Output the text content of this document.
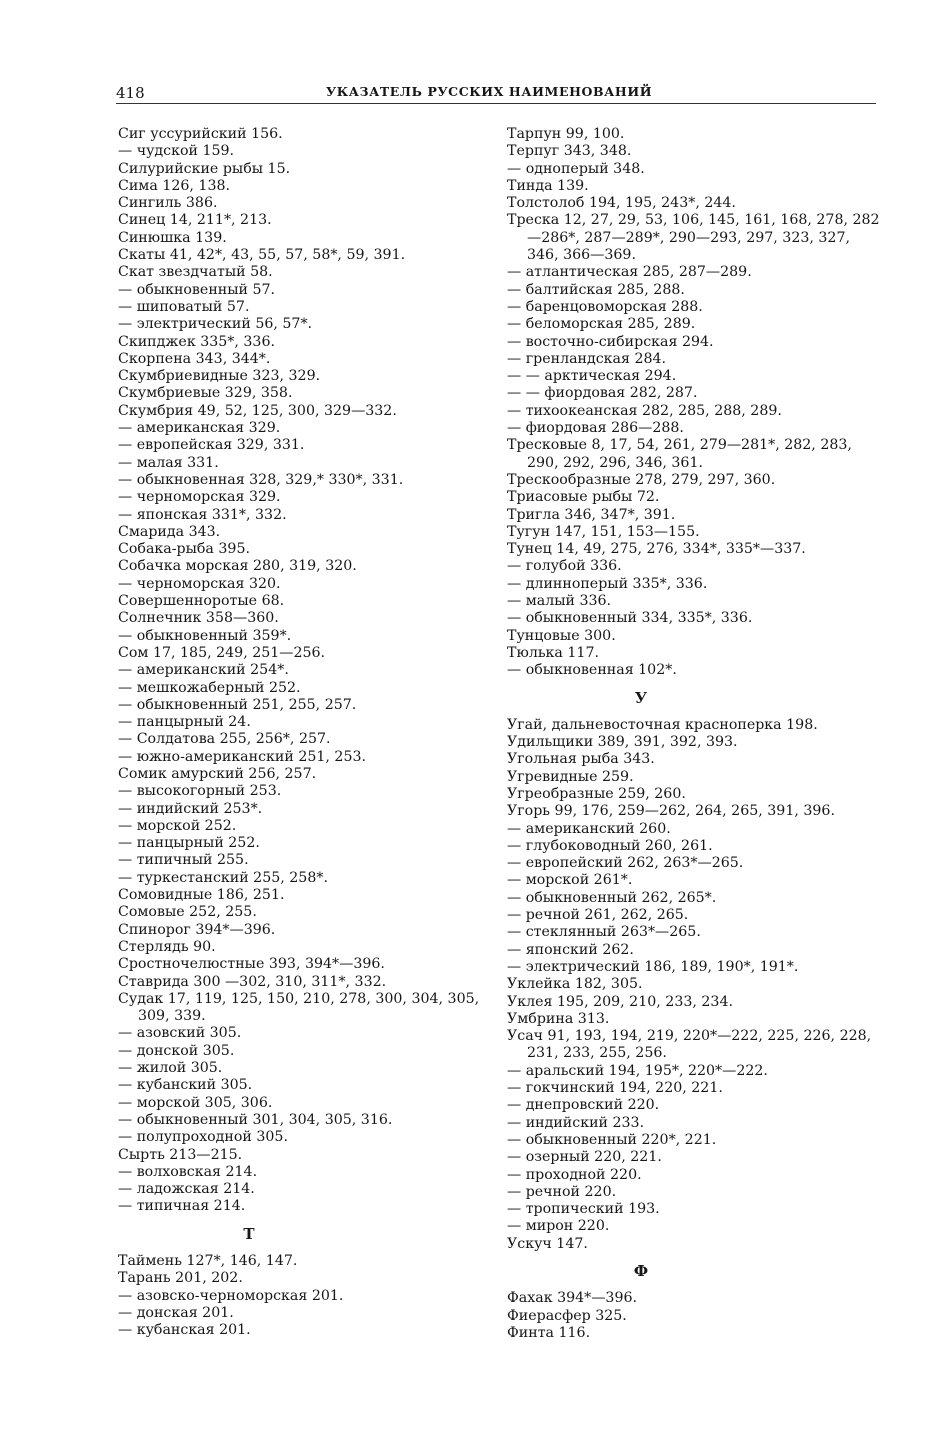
418	УКАЗАТЕЛЬ РУССКИХ НАИМЕНОВАНИЙ
Сиг уссурийский 156.
— чудской 159.
Силурийские рыбы 15.
Сима 126, 138.
Сингиль 386.
Синец 14, 211*, 213.
Синюшка 139.
Скаты 41, 42*, 43, 55, 57, 58*, 59, 391.
Скат звездчатый 58.
— обыкновенный 57.
— шиповатый 57.
— электрический 56, 57*.
Скипджек 335*, 336.
Скорпена 343, 344*.
Скумбриевидные 323, 329.
Скумбриевые 329, 358.
Скумбрия 49, 52, 125, 300, 329—332.
— американская 329.
— европейская 329, 331.
— малая 331.
— обыкновенная 328, 329,* 330*, 331.
— черноморская 329.
— японская 331*, 332.
Смарида 343.
Собака-рыба 395.
Собачка морская 280, 319, 320.
— черноморская 320.
Совершенноротые 68.
Солнечник 358—360.
— обыкновенный 359*.
Сом 17, 185, 249, 251—256.
— американский 254*.
— мешкожаберный 252.
— обыкновенный 251, 255, 257.
— панцырный 24.
— Солдатова 255, 256*, 257.
— южно-американский 251, 253.
Сомик амурский 256, 257.
— высокогорный 253.
— индийский 253*.
— морской 252.
— панцырный 252.
— типичный 255.
— туркестанский 255, 258*.
Сомовидные 186, 251.
Сомовые 252, 255.
Спинорог 394*—396.
Стерлядь 90.
Сростночелюстные 393, 394*—396.
Ставрида 300 —302, 310, 311*, 332.
Судак 17, 119, 125, 150, 210, 278, 300, 304, 305, 309, 339.
— азовский 305.
— донской 305.
— жилой 305.
— кубанский 305.
— морской 305, 306.
— обыкновенный 301, 304, 305, 316.
— полупроходной 305.
Сырть 213—215.
— волховская 214.
— ладожская 214.
— типичная 214.
Т
Таймень 127*, 146, 147.
Тарань 201, 202.
— азовско-черноморская 201.
— донская 201.
— кубанская 201.
Тарпун 99, 100.
Терпуг 343, 348.
— одноперый 348.
Тинда 139.
Толстолоб 194, 195, 243*, 244.
Треска 12, 27, 29, 53, 106, 145, 161, 168, 278, 282—286*, 287—289*, 290—293, 297, 323, 327, 346, 366—369.
— атлантическая 285, 287—289.
— балтийская 285, 288.
— баренцовоморская 288.
— беломорская 285, 289.
— восточно-сибирская 294.
— гренландская 284.
— — арктическая 294.
— — фиордовая 282, 287.
— тихоокеанская 282, 285, 288, 289.
— фиордовая 286—288.
Тресковые 8, 17, 54, 261, 279—281*, 282, 283, 290, 292, 296, 346, 361.
Трескообразные 278, 279, 297, 360.
Триасовые рыбы 72.
Тригла 346, 347*, 391.
Тугун 147, 151, 153—155.
Тунец 14, 49, 275, 276, 334*, 335*—337.
— голубой 336.
— длинноперый 335*, 336.
— малый 336.
— обыкновенный 334, 335*, 336.
Тунцовые 300.
Тюлька 117.
— обыкновенная 102*.
У
Угай, дальневосточная красноперка 198.
Удильщики 389, 391, 392, 393.
Угольная рыба 343.
Угревидные 259.
Угреобразные 259, 260.
Угорь 99, 176, 259—262, 264, 265, 391, 396.
— американский 260.
— глубоководный 260, 261.
— европейский 262, 263*—265.
— морской 261*.
— обыкновенный 262, 265*.
— речной 261, 262, 265.
— стеклянный 263*—265.
— японский 262.
— электрический 186, 189, 190*, 191*.
Уклейка 182, 305.
Уклея 195, 209, 210, 233, 234.
Умбрина 313.
Усач 91, 193, 194, 219, 220*—222, 225, 226, 228, 231, 233, 255, 256.
— аральский 194, 195*, 220*—222.
— гокчинский 194, 220, 221.
— днепровский 220.
— индийский 233.
— обыкновенный 220*, 221.
— озерный 220, 221.
— проходной 220.
— речной 220.
— тропический 193.
— мирон 220.
Ускуч 147.
Ф
Фахак 394*—396.
Фиерасфер 325.
Финта 116.
